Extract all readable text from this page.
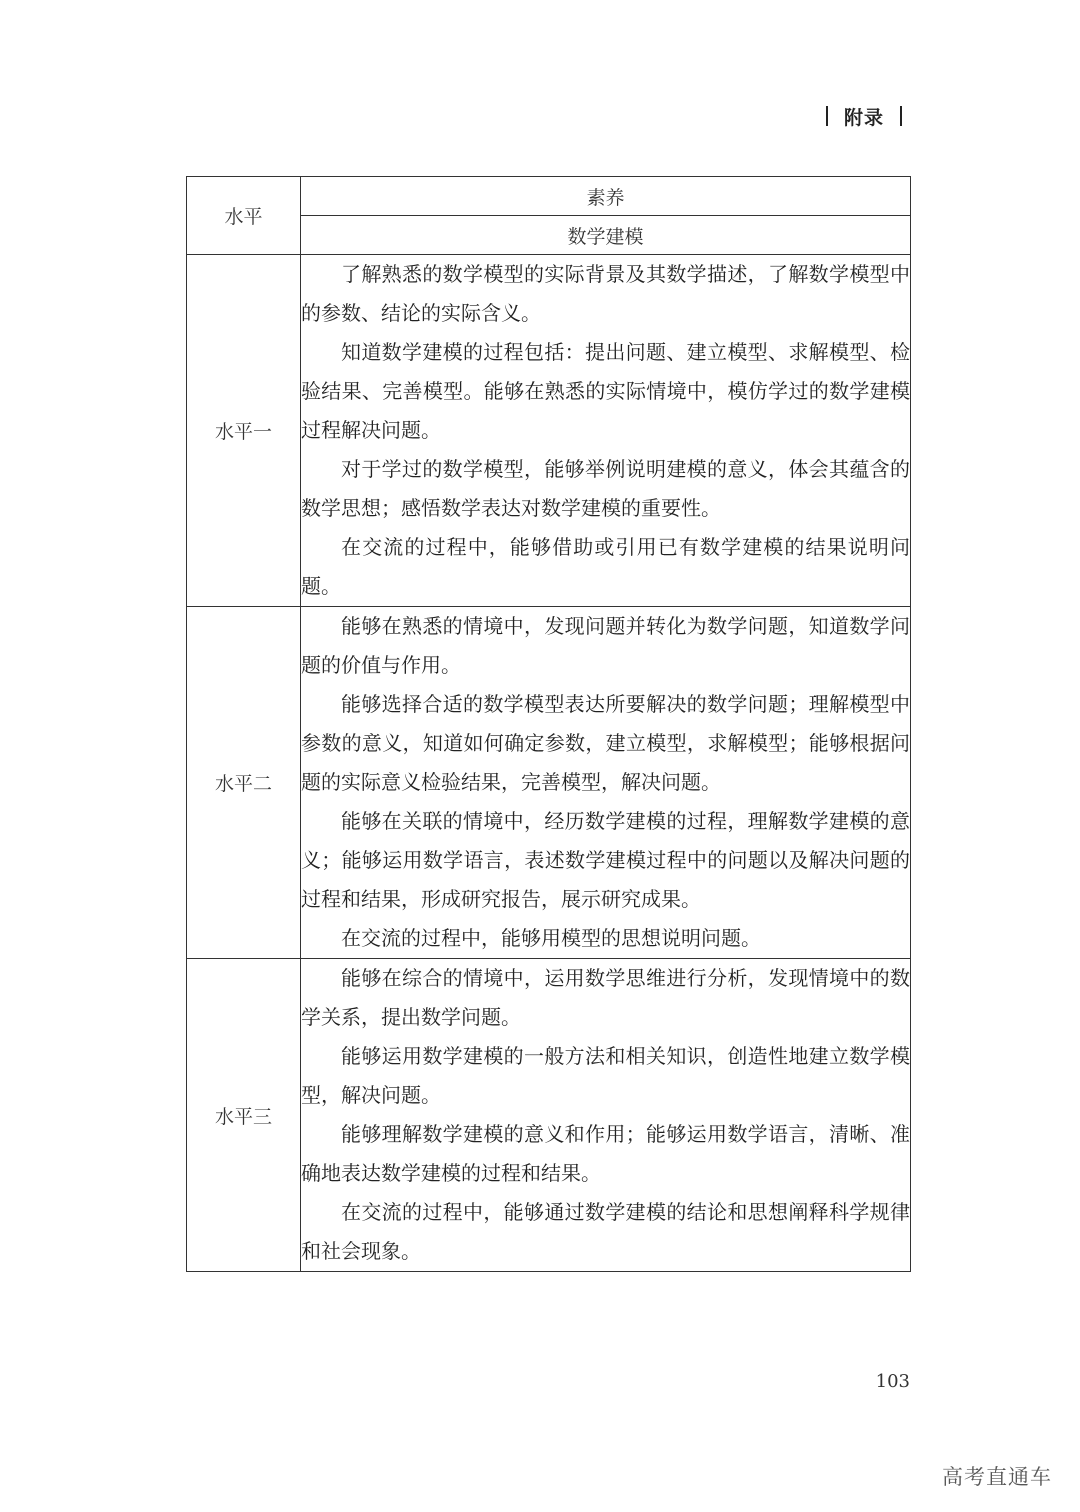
附录
水平	素养
	数学建模
水平一	了解熟悉的数学模型的实际背景及其数学描述，了解数学模型中的参数、结论的实际含义。

知道数学建模的过程包括：提出问题、建立模型、求解模型、检验结果、完善模型。能够在熟悉的实际情境中，模仿学过的数学建模过程解决问题。

对于学过的数学模型，能够举例说明建模的意义，体会其蕴含的数学思想；感悟数学表达对数学建模的重要性。

在交流的过程中，能够借助或引用已有数学建模的结果说明问题。

水平二	能够在熟悉的情境中，发现问题并转化为数学问题，知道数学问题的价值与作用。

能够选择合适的数学模型表达所要解决的数学问题；理解模型中参数的意义，知道如何确定参数，建立模型，求解模型；能够根据问题的实际意义检验结果，完善模型，解决问题。

能够在关联的情境中，经历数学建模的过程，理解数学建模的意义；能够运用数学语言，表述数学建模过程中的问题以及解决问题的过程和结果，形成研究报告，展示研究成果。

在交流的过程中，能够用模型的思想说明问题。

水平三	能够在综合的情境中，运用数学思维进行分析，发现情境中的数学关系，提出数学问题。

能够运用数学建模的一般方法和相关知识，创造性地建立数学模型，解决问题。

能够理解数学建模的意义和作用；能够运用数学语言，清晰、准确地表达数学建模的过程和结果。

在交流的过程中，能够通过数学建模的结论和思想阐释科学规律和社会现象。

103
高考直通车
